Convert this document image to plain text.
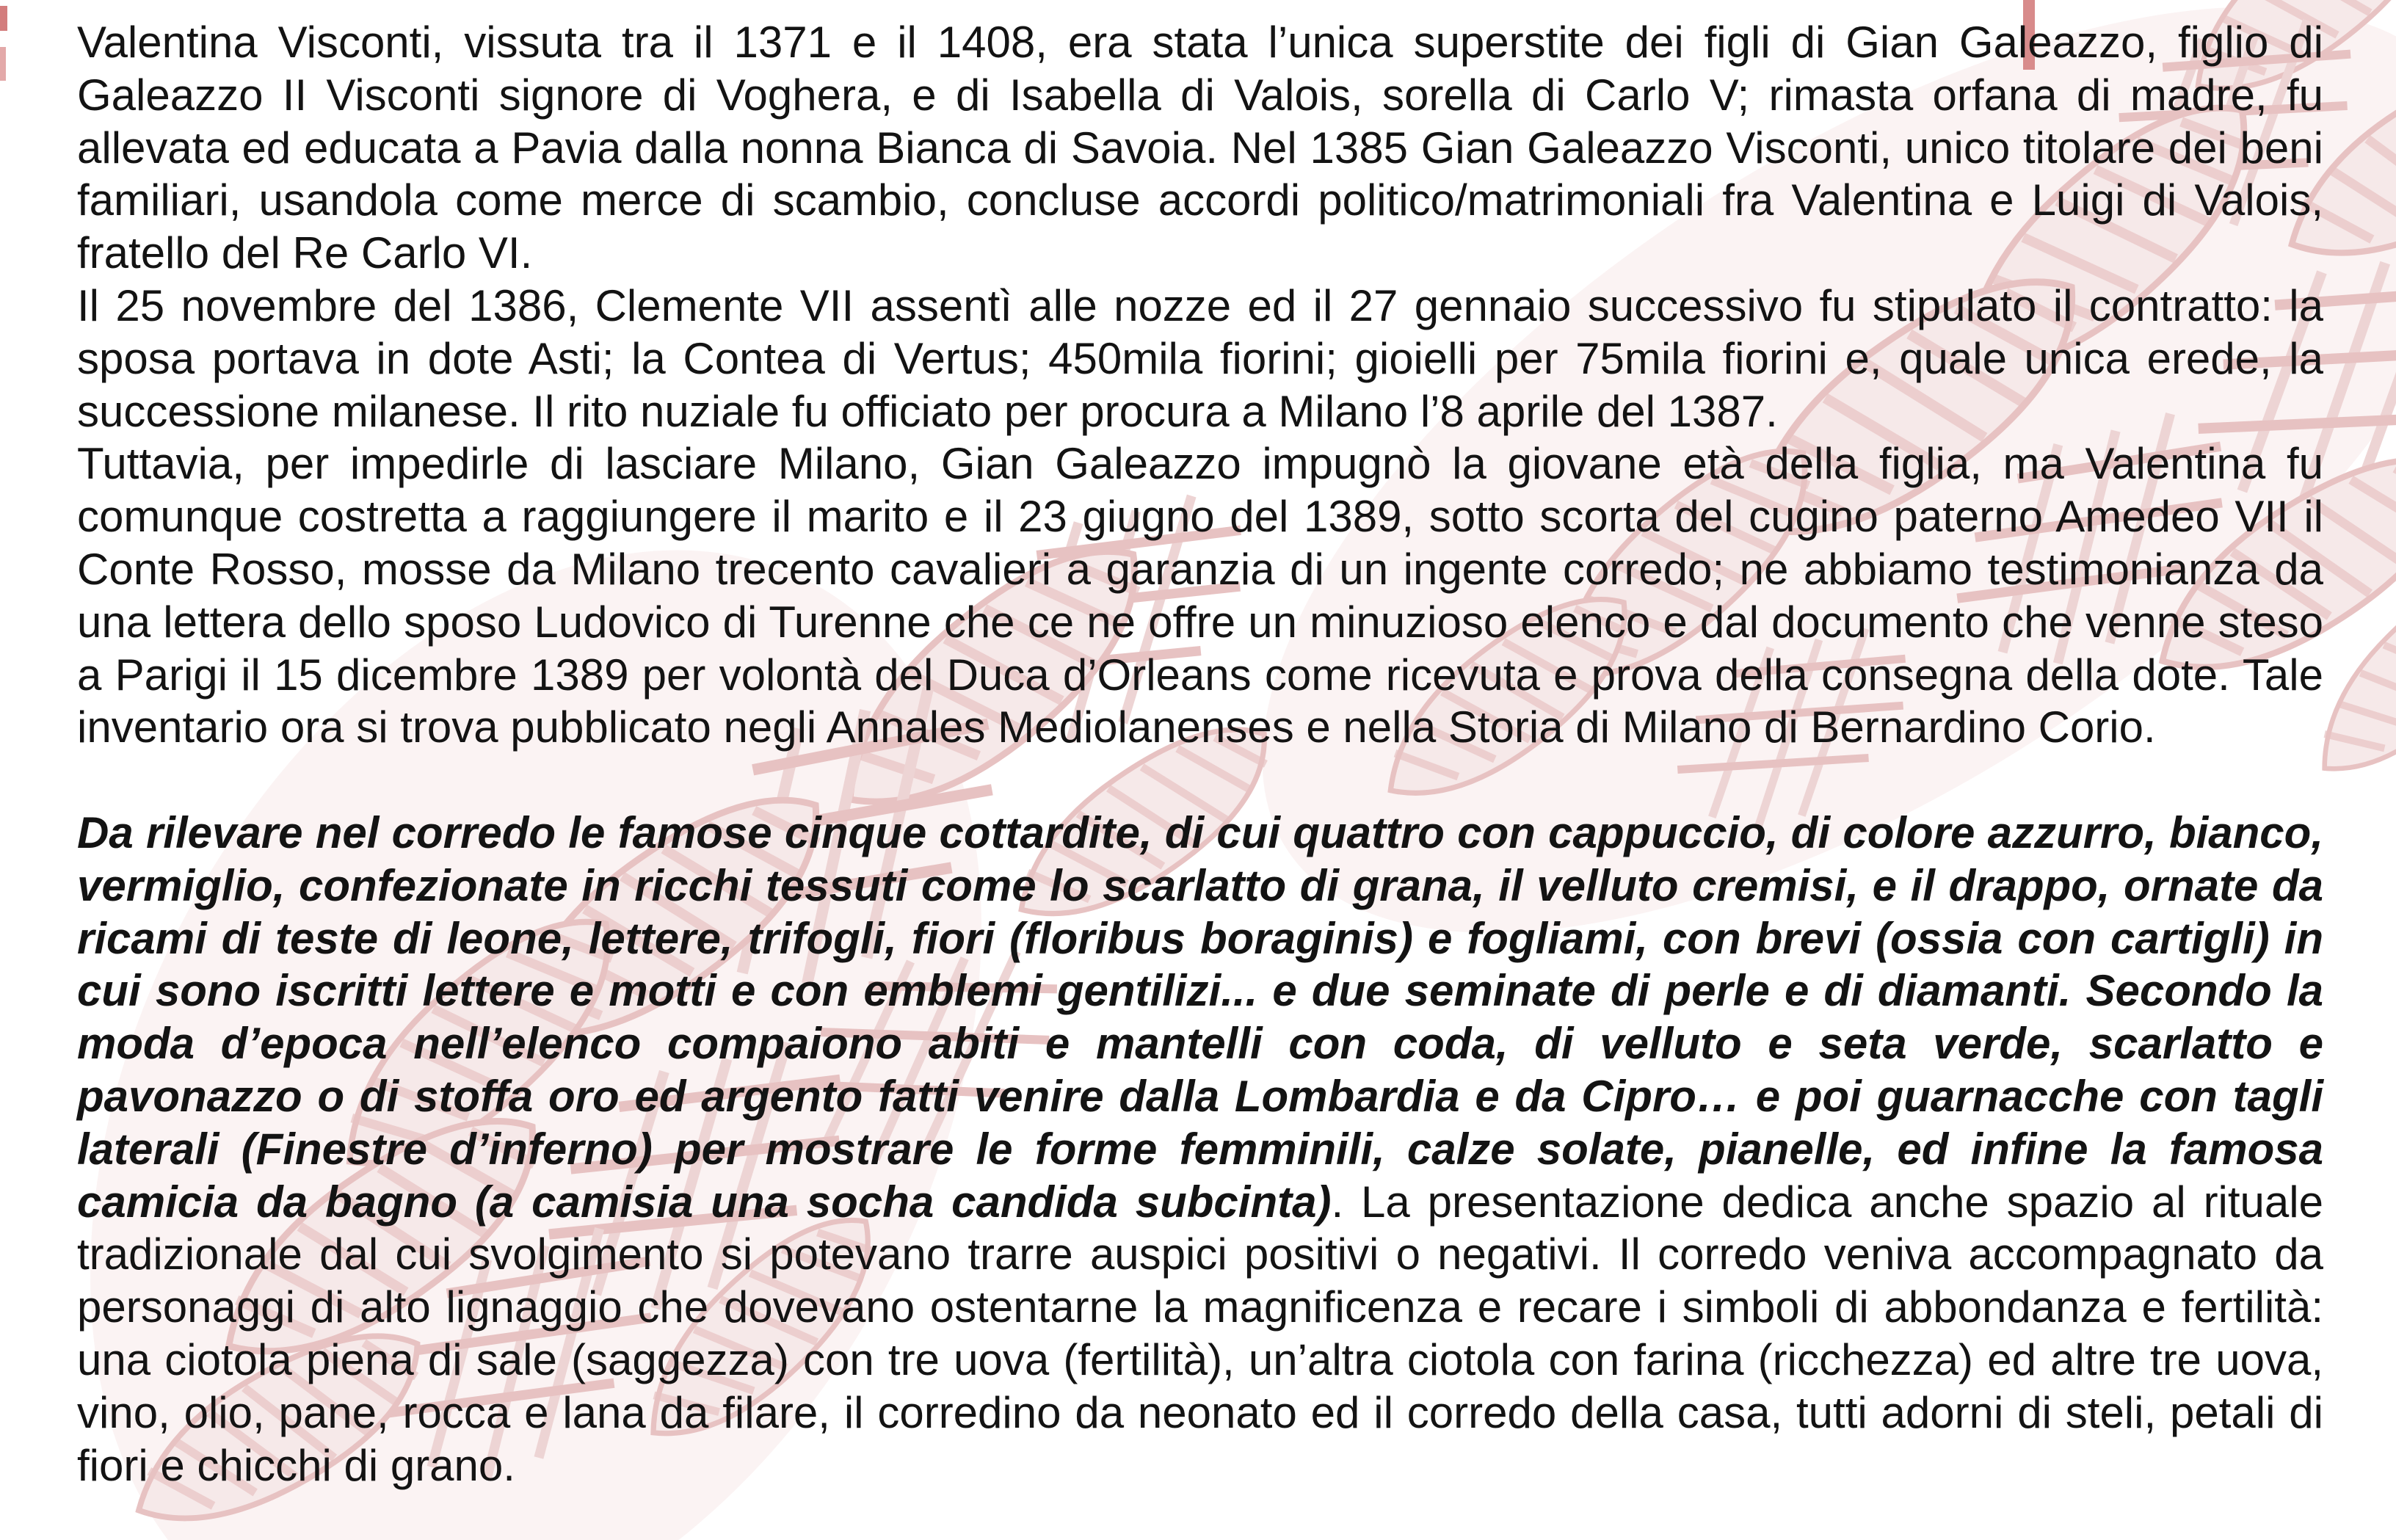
Valentina Visconti, vissuta tra il 1371 e il 1408, era stata l’unica superstite dei figli di Gian Galeazzo, figlio di Galeazzo II Visconti signore di Voghera, e di Isabella di Valois, sorella di Carlo V; rimasta orfana di madre, fu allevata ed educata a Pavia dalla nonna Bianca di Savoia. Nel 1385 Gian Galeazzo Visconti, unico titolare dei beni familiari, usandola come merce di scambio, concluse accordi politico/matrimoniali fra Valentina e Luigi di Valois, fratello del Re Carlo VI.

Il 25 novembre del 1386, Clemente VII assentì alle nozze ed il 27 gennaio successivo fu stipulato il contratto: la sposa portava in dote Asti; la Contea di Vertus; 450mila fiorini; gioielli per 75mila fiorini e, quale unica erede, la successione milanese. Il rito nuziale fu officiato per procura a Milano l’8 aprile del 1387.

Tuttavia, per impedirle di lasciare Milano, Gian Galeazzo impugnò la giovane età della figlia, ma Valentina fu comunque costretta a raggiungere il marito e il 23 giugno del 1389, sotto scorta del cugino paterno Amedeo VII il Conte Rosso, mosse da Milano trecento cavalieri a garanzia di un ingente corredo; ne abbiamo testimonianza da una lettera dello sposo Ludovico di Turenne che ce ne offre un minuzioso elenco e dal documento che venne steso a Parigi il 15 dicembre 1389 per volontà del Duca d’Orleans come ricevuta e prova della consegna della dote. Tale inventario ora si trova pubblicato negli Annales Mediolanenses e nella Storia di Milano di Bernardino Corio.

Da rilevare nel corredo le famose cinque cottardite, di cui quattro con cappuccio, di colore azzurro, bianco, vermiglio, confezionate in ricchi tessuti come lo scarlatto di grana, il velluto cremisi, e il drappo, ornate da ricami di teste di leone, lettere, trifogli, fiori (floribus boraginis) e fogliami, con brevi (ossia con cartigli) in cui sono iscritti lettere e motti e con emblemi gentilizi... e due seminate di perle e di diamanti. Secondo la moda d’epoca nell’elenco compaiono abiti e mantelli con coda, di velluto e seta verde, scarlatto e pavonazzo o di stoffa oro ed argento fatti venire dalla Lombardia e da Cipro… e poi guarnacche con tagli laterali (Finestre d’inferno) per mostrare le forme femminili, calze solate, pianelle, ed infine la famosa camicia da bagno (a camisia una socha candida subcinta). La presentazione dedica anche spazio al rituale tradizionale dal cui svolgimento si potevano trarre auspici positivi o negativi. Il corredo veniva accompagnato da personaggi di alto lignaggio che dovevano ostentarne la magnificenza e recare i simboli di abbondanza e fertilità: una ciotola piena di sale (saggezza) con tre uova (fertilità), un’altra ciotola con farina (ricchezza) ed altre tre uova, vino, olio, pane, rocca e lana da filare, il corredino da neonato ed il corredo della casa, tutti adorni di steli, petali di fiori e chicchi di grano.
